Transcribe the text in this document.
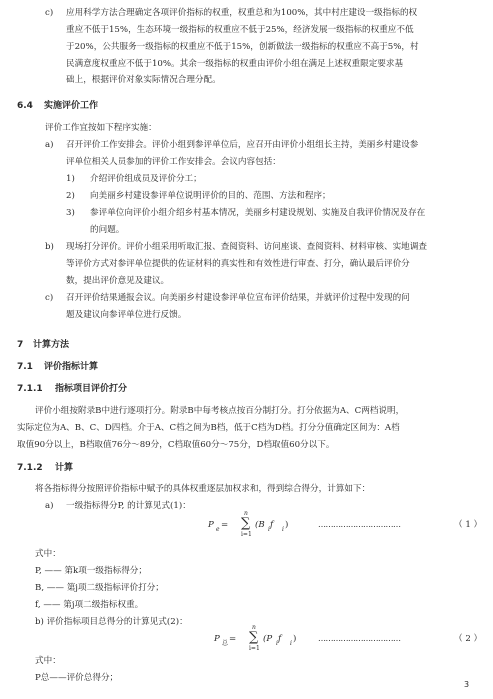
c) 应用科学方法合理确定各项评价指标的权重，权重总和为100%，其中村庄建设一级指标的权
重应不低于15%，生态环境一级指标的权重应不低于25%，经济发展一级指标的权重应不低
于20%，公共服务一级指标的权重应不低于15%，创新做法一级指标的权重应不高于5%，村
民满意度权重应不低于10%。其余一级指标的权重由评价小组在满足上述权重限定要求基
础上，根据评价对象实际情况合理分配。
6.4 实施评价工作
评价工作宜按如下程序实施：
a) 召开评价工作安排会。评价小组到参评单位后，应召开由评价小组组长主持，美丽乡村建设参
评单位相关人员参加的评价工作安排会。会议内容包括：
1) 介绍评价组成员及评价分工；
2) 向美丽乡村建设参评单位说明评价的目的、范围、方法和程序；
3) 参评单位向评价小组介绍乡村基本情况，美丽乡村建设规划、实施及自我评价情况及存在
的问题。
b) 现场打分评价。评价小组采用听取汇报、查阅资料、访问座谈、查阅资料、材料审核、实地调查
等评价方式对参评单位提供的佐证材料的真实性和有效性进行审查、打分，确认最后评价分
数，提出评价意见及建议。
c) 召开评价结果通报会议。向美丽乡村建设参评单位宣布评价结果，并就评价过程中发现的问
题及建议向参评单位进行反馈。
7 计算方法
7.1 评价指标计算
7.1.1 指标项目评价打分
评价小组按附录B中进行逐项打分。附录B中每考核点按百分制打分。打分依据为A、C两档说明，
实际定位为A、B、C、D四档。介于A、C档之间为B档，低于C档为D档。打分分值确定区间为：A档
取值90分以上，B档取值76分～89分，C档取值60分～75分，D档取值60分以下。
7.1.2 计算
将各指标得分按照评价指标中赋予的具体权重逐层加权求和，得到综合得分，计算如下：
a) 一级指标得分P, 的计算见式(1)：
P e =
n
∑
i=1
(B i f i )	……………………………	（ 1 ）
式中：
P, —— 第k项一级指标得分；
B, —— 第j项二级指标评价打分；
f, —— 第j项二级指标权重。
b) 评价指标项目总得分的计算见式(2)：
P 总 =
n
∑
i=1
(P i f i )	……………………………	（ 2 ）
式中：
P总——评价总得分；
3
